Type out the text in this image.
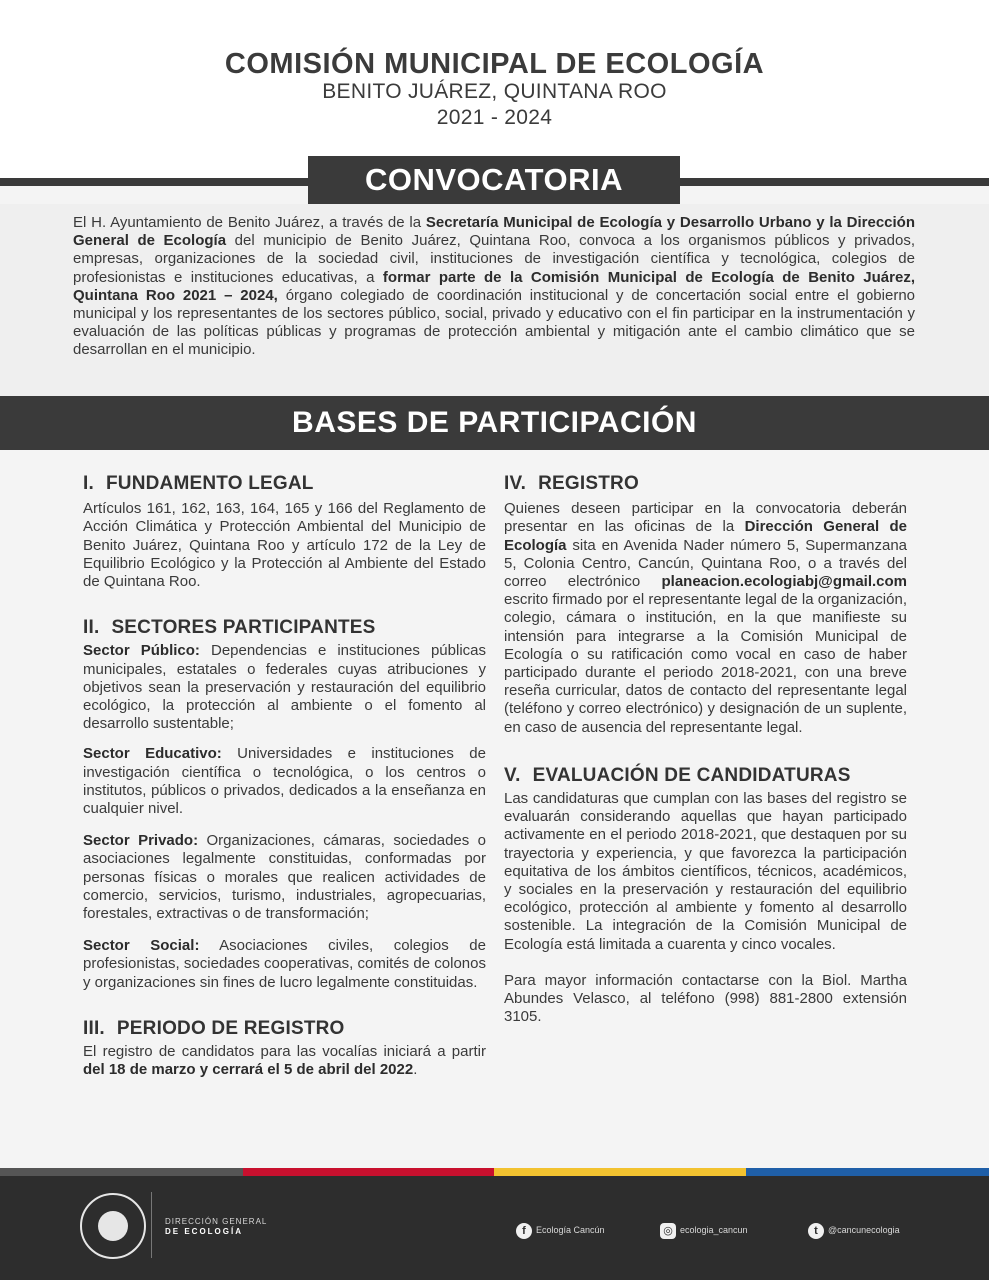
COMISIÓN MUNICIPAL DE ECOLOGÍA
BENITO JUÁREZ, QUINTANA ROO
2021 - 2024
CONVOCATORIA
El H. Ayuntamiento de Benito Juárez, a través de la Secretaría Municipal de Ecología y Desarrollo Urbano y la Dirección General de Ecología del municipio de Benito Juárez, Quintana Roo, convoca a los organismos públicos y privados, empresas, organizaciones de la sociedad civil, instituciones de investigación científica y tecnológica, colegios de profesionistas e instituciones educativas, a formar parte de la Comisión Municipal de Ecología de Benito Juárez, Quintana Roo 2021 – 2024, órgano colegiado de coordinación institucional y de concertación social entre el gobierno municipal y los representantes de los sectores público, social, privado y educativo con el fin participar en la instrumentación y evaluación de las políticas públicas y programas de protección ambiental y mitigación ante el cambio climático que se desarrollan en el municipio.
BASES DE PARTICIPACIÓN
I. FUNDAMENTO LEGAL

Artículos 161, 162, 163, 164, 165 y 166 del Reglamento de Acción Climática y Protección Ambiental del Municipio de Benito Juárez, Quintana Roo y artículo 172 de la Ley de Equilibrio Ecológico y la Protección al Ambiente del Estado de Quintana Roo.

II. SECTORES PARTICIPANTES

Sector Público: Dependencias e instituciones públicas municipales, estatales o federales cuyas atribuciones y objetivos sean la preservación y restauración del equilibrio ecológico, la protección al ambiente o el fomento al desarrollo sustentable;

Sector Educativo: Universidades e instituciones de investigación científica o tecnológica, o los centros o institutos, públicos o privados, dedicados a la enseñanza en cualquier nivel.

Sector Privado: Organizaciones, cámaras, sociedades o asociaciones legalmente constituidas, conformadas por personas físicas o morales que realicen actividades de comercio, servicios, turismo, industriales, agropecuarias, forestales, extractivas o de transformación;

Sector Social: Asociaciones civiles, colegios de profesionistas, sociedades cooperativas, comités de colonos y organizaciones sin fines de lucro legalmente constituidas.

III. PERIODO DE REGISTRO

El registro de candidatos para las vocalías iniciará a partir del 18 de marzo y cerrará el 5 de abril del 2022.

IV. REGISTRO

Quienes deseen participar en la convocatoria deberán presentar en las oficinas de la Dirección General de Ecología sita en Avenida Nader número 5, Supermanzana 5, Colonia Centro, Cancún, Quintana Roo, o a través del correo electrónico planeacion.ecologiabj@gmail.com escrito firmado por el representante legal de la organización, colegio, cámara o institución, en la que manifieste su intensión para integrarse a la Comisión Municipal de Ecología o su ratificación como vocal en caso de haber participado durante el periodo 2018-2021, con una breve reseña curricular, datos de contacto del representante legal (teléfono y correo electrónico) y designación de un suplente, en caso de ausencia del representante legal.

V. EVALUACIÓN DE CANDIDATURAS

Las candidaturas que cumplan con las bases del registro se evaluarán considerando aquellas que hayan participado activamente en el periodo 2018-2021, que destaquen por su trayectoria y experiencia, y que favorezca la participación equitativa de los ámbitos científicos, técnicos, académicos, y sociales en la preservación y restauración del equilibrio ecológico, protección al ambiente y fomento al desarrollo sostenible. La integración de la Comisión Municipal de Ecología está limitada a cuarenta y cinco vocales.

Para mayor información contactarse con la Biol. Martha Abundes Velasco, al teléfono (998) 881-2800 extensión 3105.

DIRECCIÓN GENERAL
DE ECOLOGÍA	f Ecología Cancún	◎ ecologia_cancun	t @cancunecologia
